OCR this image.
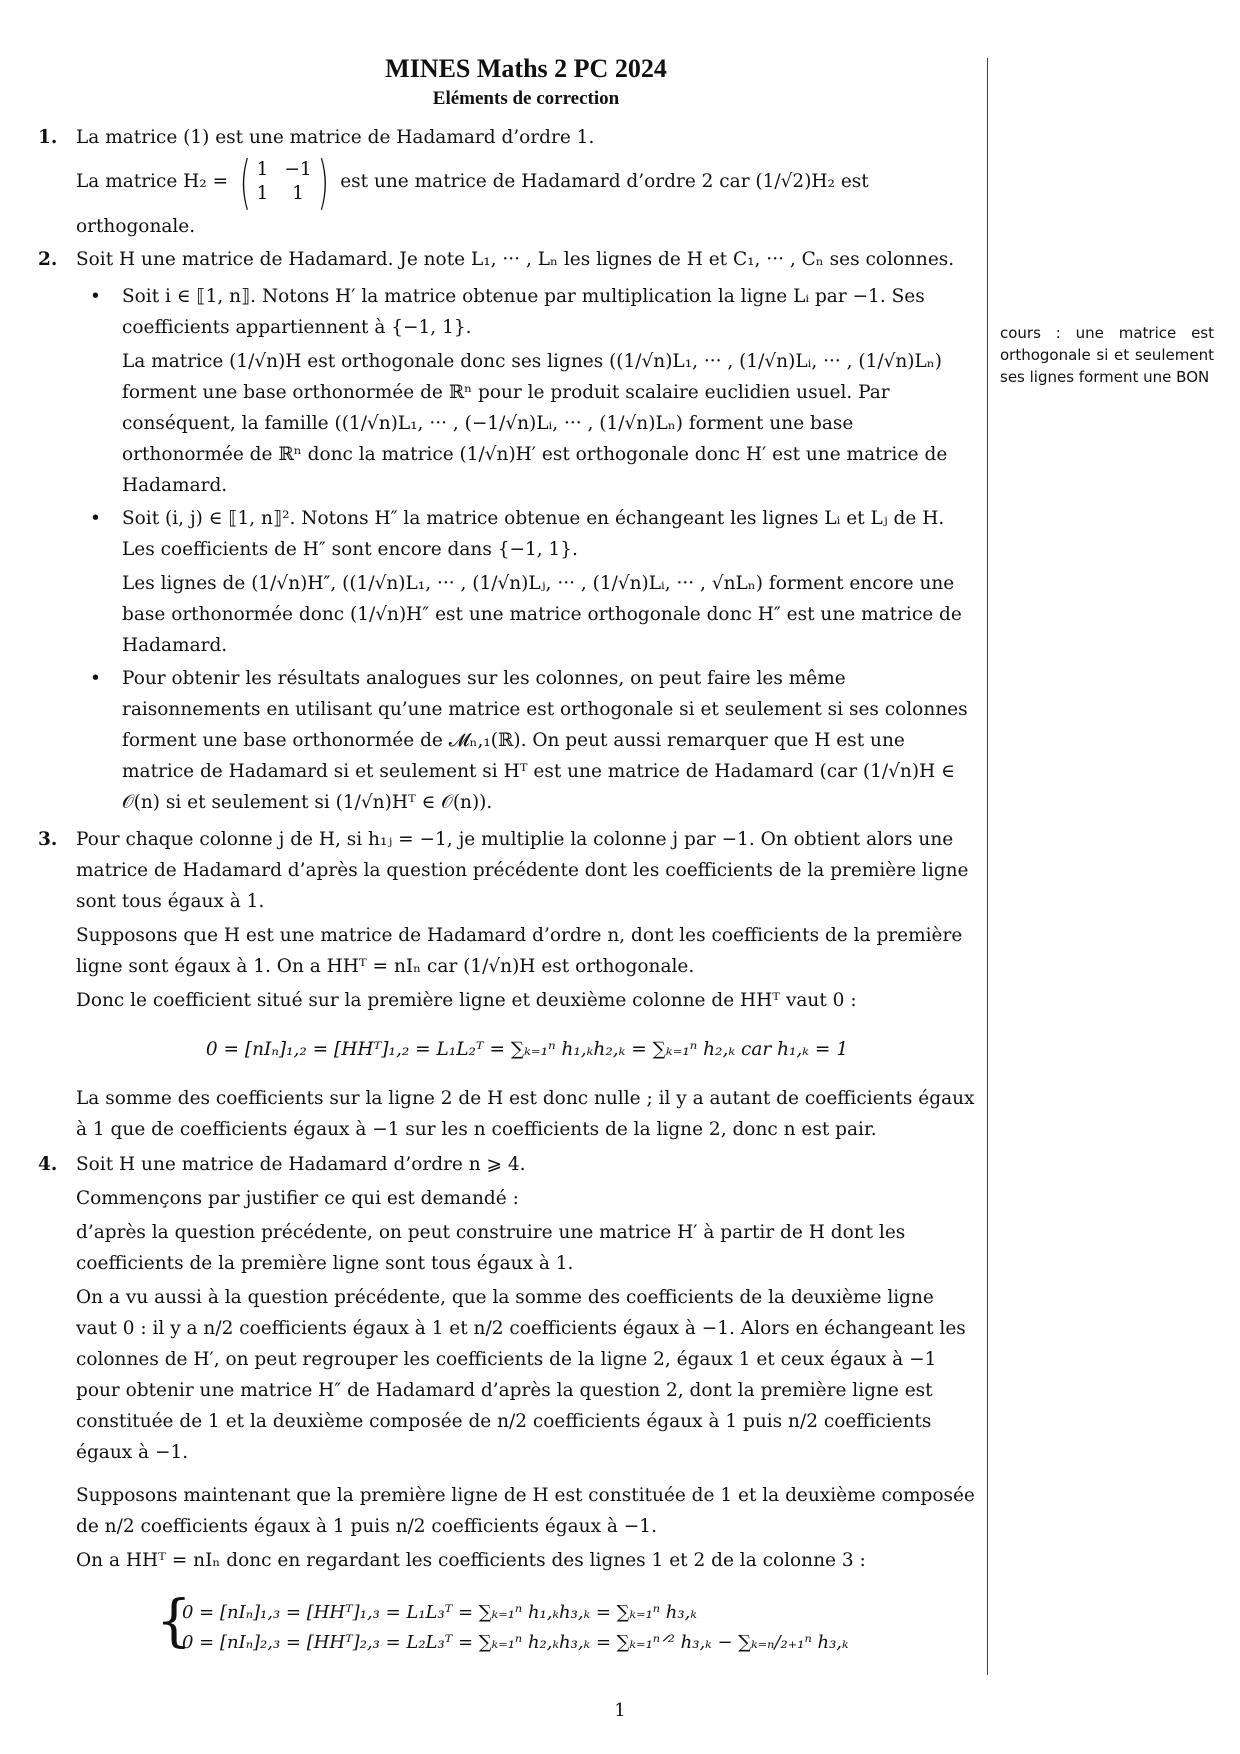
MINES Maths 2 PC 2024
Eléments de correction
1. La matrice (1) est une matrice de Hadamard d’ordre 1.

La matrice H₂ = ( 1 −1
1	1 ) est une matrice de Hadamard d’ordre 2 car (1/√2)H₂ est orthogonale.

2. Soit H une matrice de Hadamard. Je note L₁, ··· , Lₙ les lignes de H et C₁, ··· , Cₙ ses colonnes.

• Soit i ∈ ⟦1, n⟧. Notons H′ la matrice obtenue par multiplication la ligne Lᵢ par −1. Ses coefficients appartiennent à {−1, 1}.

La matrice (1/√n)H est orthogonale donc ses lignes ((1/√n)L₁, ··· , (1/√n)Lᵢ, ··· , (1/√n)Lₙ) forment une base orthonormée de ℝⁿ pour le produit scalaire euclidien usuel. Par conséquent, la famille ((1/√n)L₁, ··· , (−1/√n)Lᵢ, ··· , (1/√n)Lₙ) forment une base orthonormée de ℝⁿ donc la matrice (1/√n)H′ est orthogonale donc H′ est une matrice de Hadamard.

• Soit (i, j) ∈ ⟦1, n⟧². Notons H″ la matrice obtenue en échangeant les lignes Lᵢ et Lⱼ de H. Les coefficients de H″ sont encore dans {−1, 1}.

Les lignes de (1/√n)H″, ((1/√n)L₁, ··· , (1/√n)Lⱼ, ··· , (1/√n)Lᵢ, ··· , √nLₙ) forment encore une base orthonormée donc (1/√n)H″ est une matrice orthogonale donc H″ est une matrice de Hadamard.

• Pour obtenir les résultats analogues sur les colonnes, on peut faire les même raisonnements en utilisant qu’une matrice est orthogonale si et seulement si ses colonnes forment une base orthonormée de 𝓜ₙ,₁(ℝ). On peut aussi remarquer que H est une matrice de Hadamard si et seulement si Hᵀ est une matrice de Hadamard (car (1/√n)H ∈ 𝒪(n) si et seulement si (1/√n)Hᵀ ∈ 𝒪(n)).

3. Pour chaque colonne j de H, si h₁ⱼ = −1, je multiplie la colonne j par −1. On obtient alors une matrice de Hadamard d’après la question précédente dont les coefficients de la première ligne sont tous égaux à 1.

Supposons que H est une matrice de Hadamard d’ordre n, dont les coefficients de la première ligne sont égaux à 1. On a HHᵀ = nIₙ car (1/√n)H est orthogonale.

Donc le coefficient situé sur la première ligne et deuxième colonne de HHᵀ vaut 0 :

0 = [nIₙ]₁,₂ = [HHᵀ]₁,₂ = L₁L₂ᵀ = ∑ₖ₌₁ⁿ h₁,ₖh₂,ₖ = ∑ₖ₌₁ⁿ h₂,ₖ car h₁,ₖ = 1

La somme des coefficients sur la ligne 2 de H est donc nulle ; il y a autant de coefficients égaux à 1 que de coefficients égaux à −1 sur les n coefficients de la ligne 2, donc n est pair.

4. Soit H une matrice de Hadamard d’ordre n ⩾ 4.

Commençons par justifier ce qui est demandé :

d’après la question précédente, on peut construire une matrice H′ à partir de H dont les coefficients de la première ligne sont tous égaux à 1.

On a vu aussi à la question précédente, que la somme des coefficients de la deuxième ligne vaut 0 : il y a n/2 coefficients égaux à 1 et n/2 coefficients égaux à −1. Alors en échangeant les colonnes de H′, on peut regrouper les coefficients de la ligne 2, égaux 1 et ceux égaux à −1 pour obtenir une matrice H″ de Hadamard d’après la question 2, dont la première ligne est constituée de 1 et la deuxième composée de n/2 coefficients égaux à 1 puis n/2 coefficients égaux à −1.

Supposons maintenant que la première ligne de H est constituée de 1 et la deuxième composée de n/2 coefficients égaux à 1 puis n/2 coefficients égaux à −1.

On a HHᵀ = nIₙ donc en regardant les coefficients des lignes 1 et 2 de la colonne 3 :

{
0 = [nIₙ]₁,₃ = [HHᵀ]₁,₃ = L₁L₃ᵀ = ∑ₖ₌₁ⁿ h₁,ₖh₃,ₖ = ∑ₖ₌₁ⁿ h₃,ₖ
0 = [nIₙ]₂,₃ = [HHᵀ]₂,₃ = L₂L₃ᵀ = ∑ₖ₌₁ⁿ h₂,ₖh₃,ₖ = ∑ₖ₌₁ⁿᐟ² h₃,ₖ − ∑ₖ₌ₙ/₂₊₁ⁿ h₃,ₖ
cours : une matrice est orthogonale si et seulement ses lignes forment une BON
1
